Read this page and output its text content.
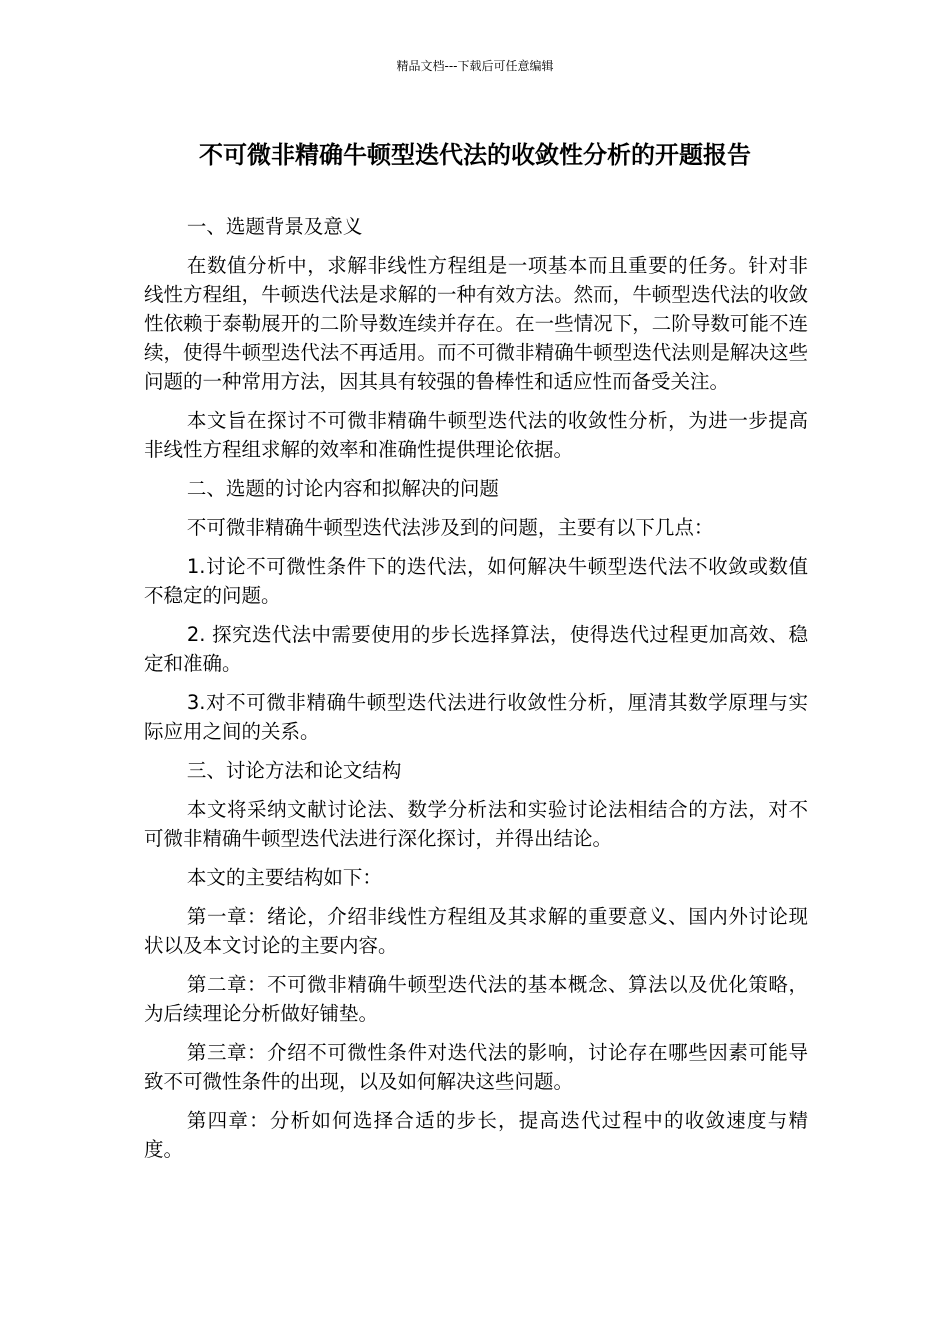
精品文档---下载后可任意编辑
不可微非精确牛顿型迭代法的收敛性分析的开题报告

一、选题背景及意义

在数值分析中，求解非线性方程组是一项基本而且重要的任务。针对非线性方程组，牛顿迭代法是求解的一种有效方法。然而，牛顿型迭代法的收敛性依赖于泰勒展开的二阶导数连续并存在。在一些情况下，二阶导数可能不连续，使得牛顿型迭代法不再适用。而不可微非精确牛顿型迭代法则是解决这些问题的一种常用方法，因其具有较强的鲁棒性和适应性而备受关注。

本文旨在探讨不可微非精确牛顿型迭代法的收敛性分析，为进一步提高非线性方程组求解的效率和准确性提供理论依据。

二、选题的讨论内容和拟解决的问题

不可微非精确牛顿型迭代法涉及到的问题，主要有以下几点：

1.讨论不可微性条件下的迭代法，如何解决牛顿型迭代法不收敛或数值不稳定的问题。

2. 探究迭代法中需要使用的步长选择算法，使得迭代过程更加高效、稳定和准确。

3.对不可微非精确牛顿型迭代法进行收敛性分析，厘清其数学原理与实际应用之间的关系。

三、讨论方法和论文结构

本文将采纳文献讨论法、数学分析法和实验讨论法相结合的方法，对不可微非精确牛顿型迭代法进行深化探讨，并得出结论。

本文的主要结构如下：

第一章：绪论，介绍非线性方程组及其求解的重要意义、国内外讨论现状以及本文讨论的主要内容。

第二章：不可微非精确牛顿型迭代法的基本概念、算法以及优化策略，为后续理论分析做好铺垫。

第三章：介绍不可微性条件对迭代法的影响，讨论存在哪些因素可能导致不可微性条件的出现，以及如何解决这些问题。

第四章：分析如何选择合适的步长，提高迭代过程中的收敛速度与精度。
